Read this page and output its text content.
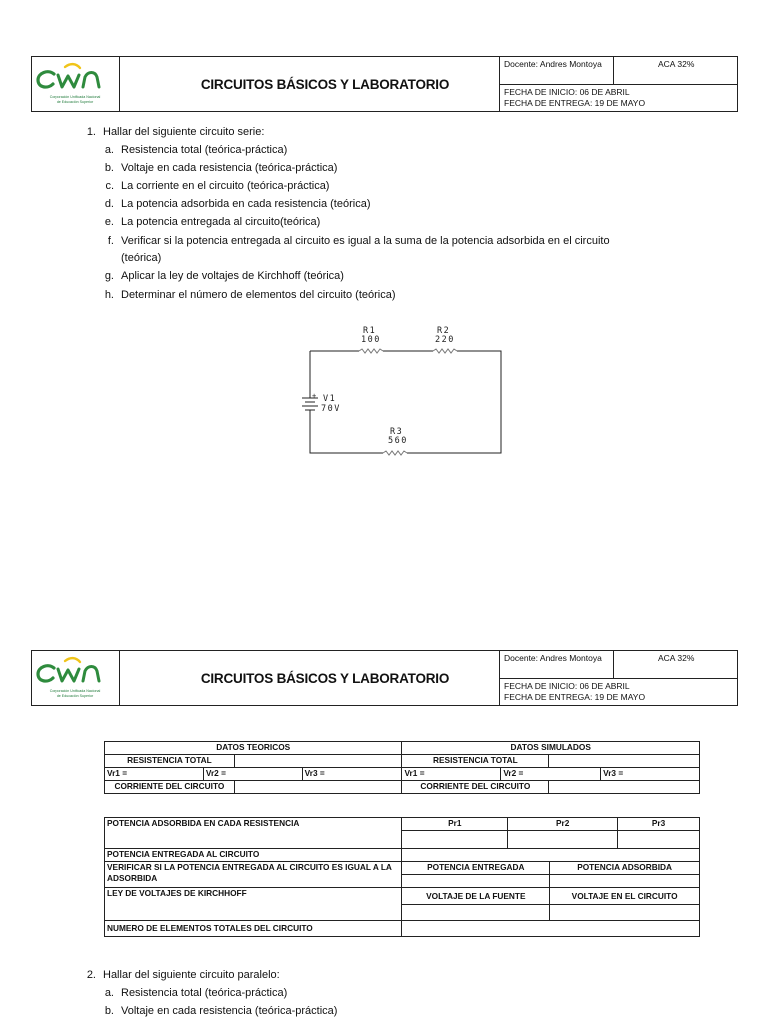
Corporación Unificada Nacional
de Educación Superior
CIRCUITOS BÁSICOS Y LABORATORIO
Docente: Andres Montoya	ACA 32%
FECHA DE INICIO: 06 DE ABRIL
FECHA DE ENTREGA: 19 DE MAYO
1. Hallar del siguiente circuito serie:
a. Resistencia total (teórica-práctica)
b. Voltaje en cada resistencia (teórica-práctica)
c. La corriente en el circuito (teórica-práctica)
d. La potencia adsorbida en cada resistencia (teórica)
e. La potencia entregada al circuito(teórica)
f. Verificar si la potencia entregada al circuito es igual a la suma de la potencia adsorbida en el circuito
(teórica)
g. Aplicar la ley de voltajes de Kirchhoff (teórica)
h. Determinar el número de elementos del circuito (teórica)
R1
100
R2
220
R3
560
+ V1
70V
Corporación Unificada Nacional
de Educación Superior
CIRCUITOS BÁSICOS Y LABORATORIO
Docente: Andres Montoya	ACA 32%
FECHA DE INICIO: 06 DE ABRIL
FECHA DE ENTREGA: 19 DE MAYO
DATOS TEORICOS				DATOS SIMULADOS			
RESISTENCIA TOTAL				RESISTENCIA TOTAL			
Vr1 =	Vr2 =		Vr3 =	Vr1 =	Vr2 =		Vr3 =
CORRIENTE DEL CIRCUITO				CORRIENTE DEL CIRCUITO			
POTENCIA ADSORBIDA EN CADA RESISTENCIA	Pr1	Pr2		Pr3

POTENCIA ENTREGADA AL CIRCUITO				
VERIFICAR SI LA POTENCIA ENTREGADA AL CIRCUITO ES IGUAL A LA ADSORBIDA	POTENCIA ENTREGADA		POTENCIA ADSORBIDA	

LEY DE VOLTAJES DE KIRCHHOFF	VOLTAJE DE LA FUENTE		VOLTAJE EN EL CIRCUITO	

NUMERO DE ELEMENTOS TOTALES DEL CIRCUITO				
2. Hallar del siguiente circuito paralelo:
a. Resistencia total (teórica-práctica)
b. Voltaje en cada resistencia (teórica-práctica)
